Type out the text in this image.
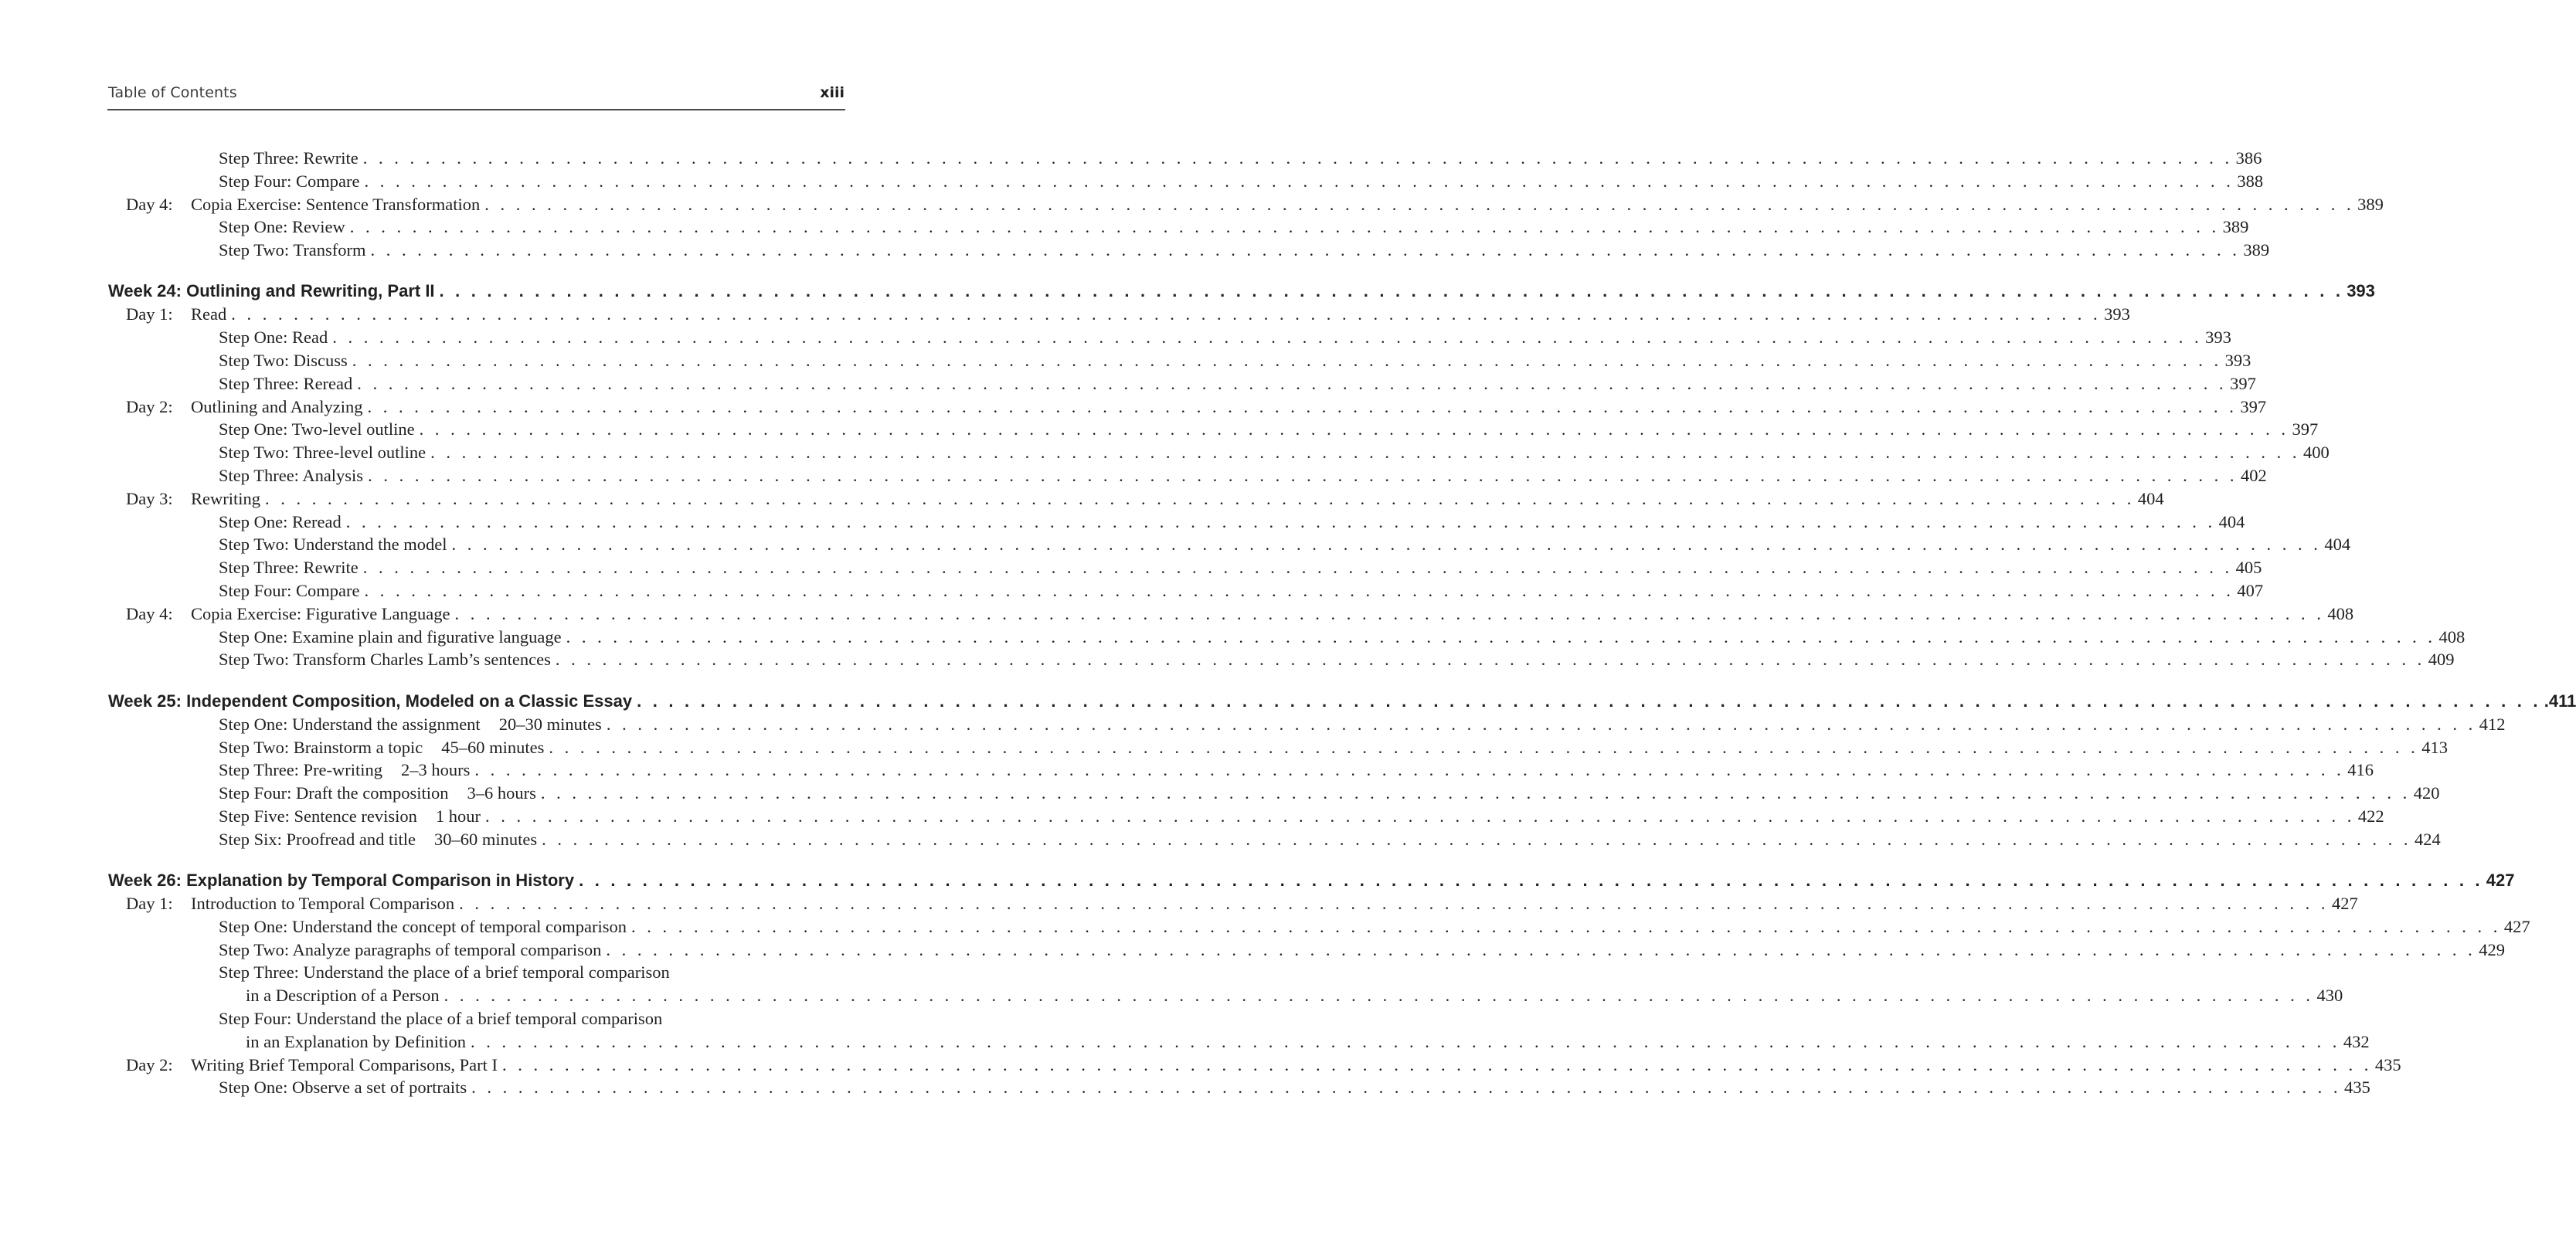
Table of Contents	xiii
Step Three: Rewrite . . . . . . . . . . . . . . . . . . . . . . . . . . . . . . . . . . . . . . . . . . . . . . . . . . . . . . . . . . . . . . . . . . . . . . . . . . . . . . . . . . . . . . . . . . . . . . . . . . . . . . . . . . . . . . . . . . . . . . . . 386
Step Four: Compare . . . . . . . . . . . . . . . . . . . . . . . . . . . . . . . . . . . . . . . . . . . . . . . . . . . . . . . . . . . . . . . . . . . . . . . . . . . . . . . . . . . . . . . . . . . . . . . . . . . . . . . . . . . . . . . . . . . . . . . . 388
Day 4:	Copia Exercise: Sentence Transformation . . . . . . . . . . . . . . . . . . . . . . . . . . . . . . . . . . . . . . . . . . . . . . . . . . . . . . . . . . . . . . . . . . . . . . . . . . . . . . . . . . . . . . . . . . . . . . . . . . . . . . . . . . . . . . . . . . . . . . . . 389
Step One: Review . . . . . . . . . . . . . . . . . . . . . . . . . . . . . . . . . . . . . . . . . . . . . . . . . . . . . . . . . . . . . . . . . . . . . . . . . . . . . . . . . . . . . . . . . . . . . . . . . . . . . . . . . . . . . . . . . . . . . . . . 389
Step Two: Transform . . . . . . . . . . . . . . . . . . . . . . . . . . . . . . . . . . . . . . . . . . . . . . . . . . . . . . . . . . . . . . . . . . . . . . . . . . . . . . . . . . . . . . . . . . . . . . . . . . . . . . . . . . . . . . . . . . . . . . . . 389
Week 24: Outlining and Rewriting, Part II . . . . . . . . . . . . . . . . . . . . . . . . . . . . . . . . . . . . . . . . . . . . . . . . . . . . . . . . . . . . . . . . . . . . . . . . . . . . . . . . . . . . . . . . . . . . . . . . . . . . . . . . . . . . . . . . . . . . . . . . 393
Day 1:	Read . . . . . . . . . . . . . . . . . . . . . . . . . . . . . . . . . . . . . . . . . . . . . . . . . . . . . . . . . . . . . . . . . . . . . . . . . . . . . . . . . . . . . . . . . . . . . . . . . . . . . . . . . . . . . . . . . . . . . . . . 393
Step One: Read . . . . . . . . . . . . . . . . . . . . . . . . . . . . . . . . . . . . . . . . . . . . . . . . . . . . . . . . . . . . . . . . . . . . . . . . . . . . . . . . . . . . . . . . . . . . . . . . . . . . . . . . . . . . . . . . . . . . . . . . 393
Step Two: Discuss . . . . . . . . . . . . . . . . . . . . . . . . . . . . . . . . . . . . . . . . . . . . . . . . . . . . . . . . . . . . . . . . . . . . . . . . . . . . . . . . . . . . . . . . . . . . . . . . . . . . . . . . . . . . . . . . . . . . . . . . 393
Step Three: Reread . . . . . . . . . . . . . . . . . . . . . . . . . . . . . . . . . . . . . . . . . . . . . . . . . . . . . . . . . . . . . . . . . . . . . . . . . . . . . . . . . . . . . . . . . . . . . . . . . . . . . . . . . . . . . . . . . . . . . . . . 397
Day 2:	Outlining and Analyzing . . . . . . . . . . . . . . . . . . . . . . . . . . . . . . . . . . . . . . . . . . . . . . . . . . . . . . . . . . . . . . . . . . . . . . . . . . . . . . . . . . . . . . . . . . . . . . . . . . . . . . . . . . . . . . . . . . . . . . . . 397
Step One: Two-level outline . . . . . . . . . . . . . . . . . . . . . . . . . . . . . . . . . . . . . . . . . . . . . . . . . . . . . . . . . . . . . . . . . . . . . . . . . . . . . . . . . . . . . . . . . . . . . . . . . . . . . . . . . . . . . . . . . . . . . . . . 397
Step Two: Three-level outline . . . . . . . . . . . . . . . . . . . . . . . . . . . . . . . . . . . . . . . . . . . . . . . . . . . . . . . . . . . . . . . . . . . . . . . . . . . . . . . . . . . . . . . . . . . . . . . . . . . . . . . . . . . . . . . . . . . . . . . . 400
Step Three: Analysis . . . . . . . . . . . . . . . . . . . . . . . . . . . . . . . . . . . . . . . . . . . . . . . . . . . . . . . . . . . . . . . . . . . . . . . . . . . . . . . . . . . . . . . . . . . . . . . . . . . . . . . . . . . . . . . . . . . . . . . . 402
Day 3:	Rewriting . . . . . . . . . . . . . . . . . . . . . . . . . . . . . . . . . . . . . . . . . . . . . . . . . . . . . . . . . . . . . . . . . . . . . . . . . . . . . . . . . . . . . . . . . . . . . . . . . . . . . . . . . . . . . . . . . . . . . . . . 404
Step One: Reread . . . . . . . . . . . . . . . . . . . . . . . . . . . . . . . . . . . . . . . . . . . . . . . . . . . . . . . . . . . . . . . . . . . . . . . . . . . . . . . . . . . . . . . . . . . . . . . . . . . . . . . . . . . . . . . . . . . . . . . . 404
Step Two: Understand the model . . . . . . . . . . . . . . . . . . . . . . . . . . . . . . . . . . . . . . . . . . . . . . . . . . . . . . . . . . . . . . . . . . . . . . . . . . . . . . . . . . . . . . . . . . . . . . . . . . . . . . . . . . . . . . . . . . . . . . . . 404
Step Three: Rewrite . . . . . . . . . . . . . . . . . . . . . . . . . . . . . . . . . . . . . . . . . . . . . . . . . . . . . . . . . . . . . . . . . . . . . . . . . . . . . . . . . . . . . . . . . . . . . . . . . . . . . . . . . . . . . . . . . . . . . . . . 405
Step Four: Compare . . . . . . . . . . . . . . . . . . . . . . . . . . . . . . . . . . . . . . . . . . . . . . . . . . . . . . . . . . . . . . . . . . . . . . . . . . . . . . . . . . . . . . . . . . . . . . . . . . . . . . . . . . . . . . . . . . . . . . . . 407
Day 4:	Copia Exercise: Figurative Language . . . . . . . . . . . . . . . . . . . . . . . . . . . . . . . . . . . . . . . . . . . . . . . . . . . . . . . . . . . . . . . . . . . . . . . . . . . . . . . . . . . . . . . . . . . . . . . . . . . . . . . . . . . . . . . . . . . . . . . . 408
Step One: Examine plain and figurative language . . . . . . . . . . . . . . . . . . . . . . . . . . . . . . . . . . . . . . . . . . . . . . . . . . . . . . . . . . . . . . . . . . . . . . . . . . . . . . . . . . . . . . . . . . . . . . . . . . . . . . . . . . . . . . . . . . . . . . . . 408
Step Two: Transform Charles Lamb’s sentences . . . . . . . . . . . . . . . . . . . . . . . . . . . . . . . . . . . . . . . . . . . . . . . . . . . . . . . . . . . . . . . . . . . . . . . . . . . . . . . . . . . . . . . . . . . . . . . . . . . . . . . . . . . . . . . . . . . . . . . . 409
Week 25: Independent Composition, Modeled on a Classic Essay . . . . . . . . . . . . . . . . . . . . . . . . . . . . . . . . . . . . . . . . . . . . . . . . . . . . . . . . . . . . . . . . . . . . . . . . . . . . . . . . . . . . . . . . . . . . . . . . . . . . . . . . . . . . . . . . . . . . . . . . .411
Step One: Understand the assignment 20–30 minutes . . . . . . . . . . . . . . . . . . . . . . . . . . . . . . . . . . . . . . . . . . . . . . . . . . . . . . . . . . . . . . . . . . . . . . . . . . . . . . . . . . . . . . . . . . . . . . . . . . . . . . . . . . . . . . . . . . . . . . . . 412
Step Two: Brainstorm a topic 45–60 minutes . . . . . . . . . . . . . . . . . . . . . . . . . . . . . . . . . . . . . . . . . . . . . . . . . . . . . . . . . . . . . . . . . . . . . . . . . . . . . . . . . . . . . . . . . . . . . . . . . . . . . . . . . . . . . . . . . . . . . . . . 413
Step Three: Pre-writing 2–3 hours . . . . . . . . . . . . . . . . . . . . . . . . . . . . . . . . . . . . . . . . . . . . . . . . . . . . . . . . . . . . . . . . . . . . . . . . . . . . . . . . . . . . . . . . . . . . . . . . . . . . . . . . . . . . . . . . . . . . . . . . 416
Step Four: Draft the composition 3–6 hours . . . . . . . . . . . . . . . . . . . . . . . . . . . . . . . . . . . . . . . . . . . . . . . . . . . . . . . . . . . . . . . . . . . . . . . . . . . . . . . . . . . . . . . . . . . . . . . . . . . . . . . . . . . . . . . . . . . . . . . . 420
Step Five: Sentence revision 1 hour . . . . . . . . . . . . . . . . . . . . . . . . . . . . . . . . . . . . . . . . . . . . . . . . . . . . . . . . . . . . . . . . . . . . . . . . . . . . . . . . . . . . . . . . . . . . . . . . . . . . . . . . . . . . . . . . . . . . . . . . 422
Step Six: Proofread and title 30–60 minutes . . . . . . . . . . . . . . . . . . . . . . . . . . . . . . . . . . . . . . . . . . . . . . . . . . . . . . . . . . . . . . . . . . . . . . . . . . . . . . . . . . . . . . . . . . . . . . . . . . . . . . . . . . . . . . . . . . . . . . . . 424
Week 26: Explanation by Temporal Comparison in History . . . . . . . . . . . . . . . . . . . . . . . . . . . . . . . . . . . . . . . . . . . . . . . . . . . . . . . . . . . . . . . . . . . . . . . . . . . . . . . . . . . . . . . . . . . . . . . . . . . . . . . . . . . . . . . . . . . . . . . . 427
Day 1:	Introduction to Temporal Comparison . . . . . . . . . . . . . . . . . . . . . . . . . . . . . . . . . . . . . . . . . . . . . . . . . . . . . . . . . . . . . . . . . . . . . . . . . . . . . . . . . . . . . . . . . . . . . . . . . . . . . . . . . . . . . . . . . . . . . . . . 427
Step One: Understand the concept of temporal comparison . . . . . . . . . . . . . . . . . . . . . . . . . . . . . . . . . . . . . . . . . . . . . . . . . . . . . . . . . . . . . . . . . . . . . . . . . . . . . . . . . . . . . . . . . . . . . . . . . . . . . . . . . . . . . . . . . . . . . . . . 427
Step Two: Analyze paragraphs of temporal comparison . . . . . . . . . . . . . . . . . . . . . . . . . . . . . . . . . . . . . . . . . . . . . . . . . . . . . . . . . . . . . . . . . . . . . . . . . . . . . . . . . . . . . . . . . . . . . . . . . . . . . . . . . . . . . . . . . . . . . . . . 429
Step Three: Understand the place of a brief temporal comparison
in a Description of a Person . . . . . . . . . . . . . . . . . . . . . . . . . . . . . . . . . . . . . . . . . . . . . . . . . . . . . . . . . . . . . . . . . . . . . . . . . . . . . . . . . . . . . . . . . . . . . . . . . . . . . . . . . . . . . . . . . . . . . . . . 430
Step Four: Understand the place of a brief temporal comparison
in an Explanation by Definition . . . . . . . . . . . . . . . . . . . . . . . . . . . . . . . . . . . . . . . . . . . . . . . . . . . . . . . . . . . . . . . . . . . . . . . . . . . . . . . . . . . . . . . . . . . . . . . . . . . . . . . . . . . . . . . . . . . . . . . . 432
Day 2:	Writing Brief Temporal Comparisons, Part I . . . . . . . . . . . . . . . . . . . . . . . . . . . . . . . . . . . . . . . . . . . . . . . . . . . . . . . . . . . . . . . . . . . . . . . . . . . . . . . . . . . . . . . . . . . . . . . . . . . . . . . . . . . . . . . . . . . . . . . . 435
Step One: Observe a set of portraits . . . . . . . . . . . . . . . . . . . . . . . . . . . . . . . . . . . . . . . . . . . . . . . . . . . . . . . . . . . . . . . . . . . . . . . . . . . . . . . . . . . . . . . . . . . . . . . . . . . . . . . . . . . . . . . . . . . . . . . . 435
